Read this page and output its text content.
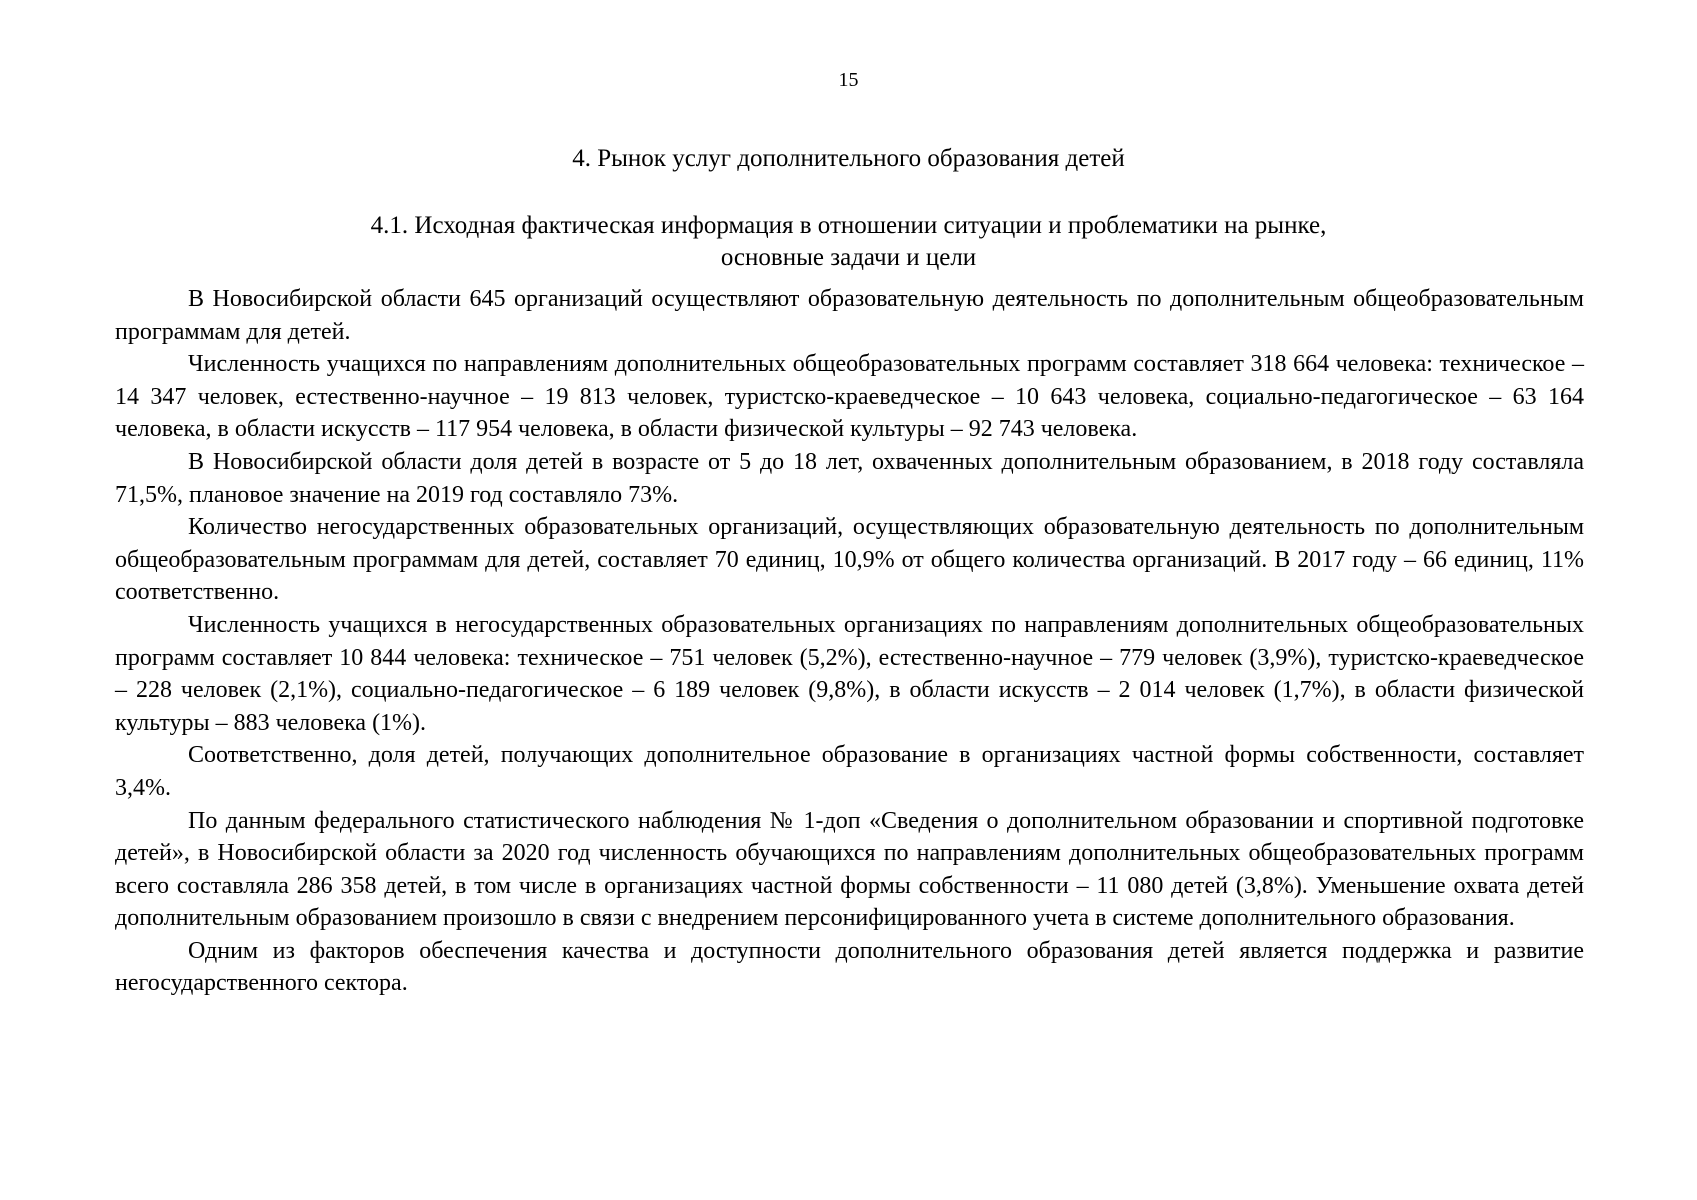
15
4. Рынок услуг дополнительного образования детей
4.1. Исходная фактическая информация в отношении ситуации и проблематики на рынке,
основные задачи и цели

В Новосибирской области 645 организаций осуществляют образовательную деятельность по дополнительным общеобразовательным программам для детей.

Численность учащихся по направлениям дополнительных общеобразовательных программ составляет 318 664 человека: техническое – 14 347 человек, естественно-научное – 19 813 человек, туристско-краеведческое – 10 643 человека, социально-педагогическое – 63 164 человека, в области искусств – 117 954 человека, в области физической культуры – 92 743 человека.

В Новосибирской области доля детей в возрасте от 5 до 18 лет, охваченных дополнительным образованием, в 2018 году составляла 71,5%, плановое значение на 2019 год составляло 73%.

Количество негосударственных образовательных организаций, осуществляющих образовательную деятельность по дополнительным общеобразовательным программам для детей, составляет 70 единиц, 10,9% от общего количества организаций. В 2017 году – 66 единиц, 11% соответственно.

Численность учащихся в негосударственных образовательных организациях по направлениям дополнительных общеобразовательных программ составляет 10 844 человека: техническое – 751 человек (5,2%), естественно-научное – 779 человек (3,9%), туристско-краеведческое – 228 человек (2,1%), социально-педагогическое – 6 189 человек (9,8%), в области искусств – 2 014 человек (1,7%), в области физической культуры – 883 человека (1%).

Соответственно, доля детей, получающих дополнительное образование в организациях частной формы собственности, составляет 3,4%.

По данным федерального статистического наблюдения № 1-доп «Сведения о дополнительном образовании и спортивной подготовке детей», в Новосибирской области за 2020 год численность обучающихся по направлениям дополнительных общеобразовательных программ всего составляла 286 358 детей, в том числе в организациях частной формы собственности – 11 080 детей (3,8%). Уменьшение охвата детей дополнительным образованием произошло в связи с внедрением персонифицированного учета в системе дополнительного образования.

Одним из факторов обеспечения качества и доступности дополнительного образования детей является поддержка и развитие негосударственного сектора.
